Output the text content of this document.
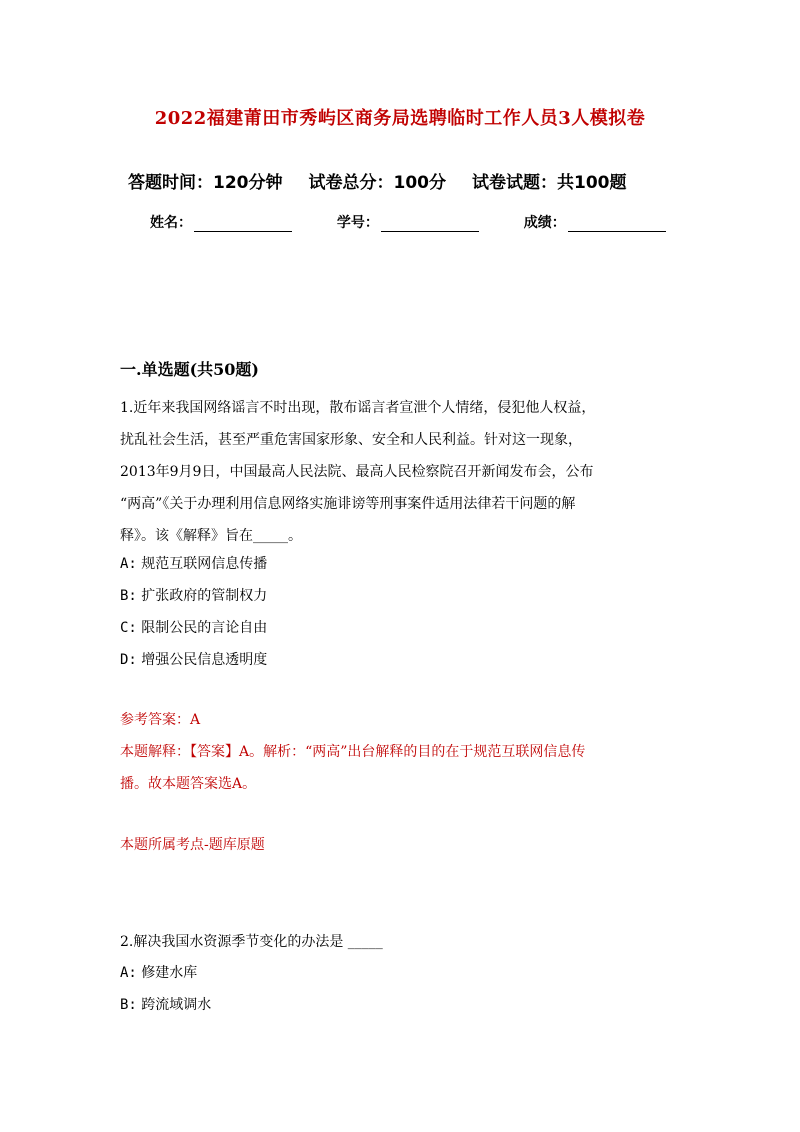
2022福建莆田市秀屿区商务局选聘临时工作人员3人模拟卷
答题时间：120分钟 试卷总分：100分 试卷试题：共100题
姓名：	学号：	成绩：
一.单选题(共50题)
1.近年来我国网络谣言不时出现，散布谣言者宣泄个人情绪，侵犯他人权益，
扰乱社会生活，甚至严重危害国家形象、安全和人民利益。针对这一现象，
2013年9月9日，中国最高人民法院、最高人民检察院召开新闻发布会，公布
“两高”《关于办理利用信息网络实施诽谤等刑事案件适用法律若干问题的解
释》。该《解释》旨在_____。
A: 规范互联网信息传播
B: 扩张政府的管制权力
C: 限制公民的言论自由
D: 增强公民信息透明度
参考答案：A
本题解释：【答案】A。解析：“两高”出台解释的目的在于规范互联网信息传
播。故本题答案选A。
本题所属考点-题库原题
2.解决我国水资源季节变化的办法是 _____
A: 修建水库
B: 跨流域调水
